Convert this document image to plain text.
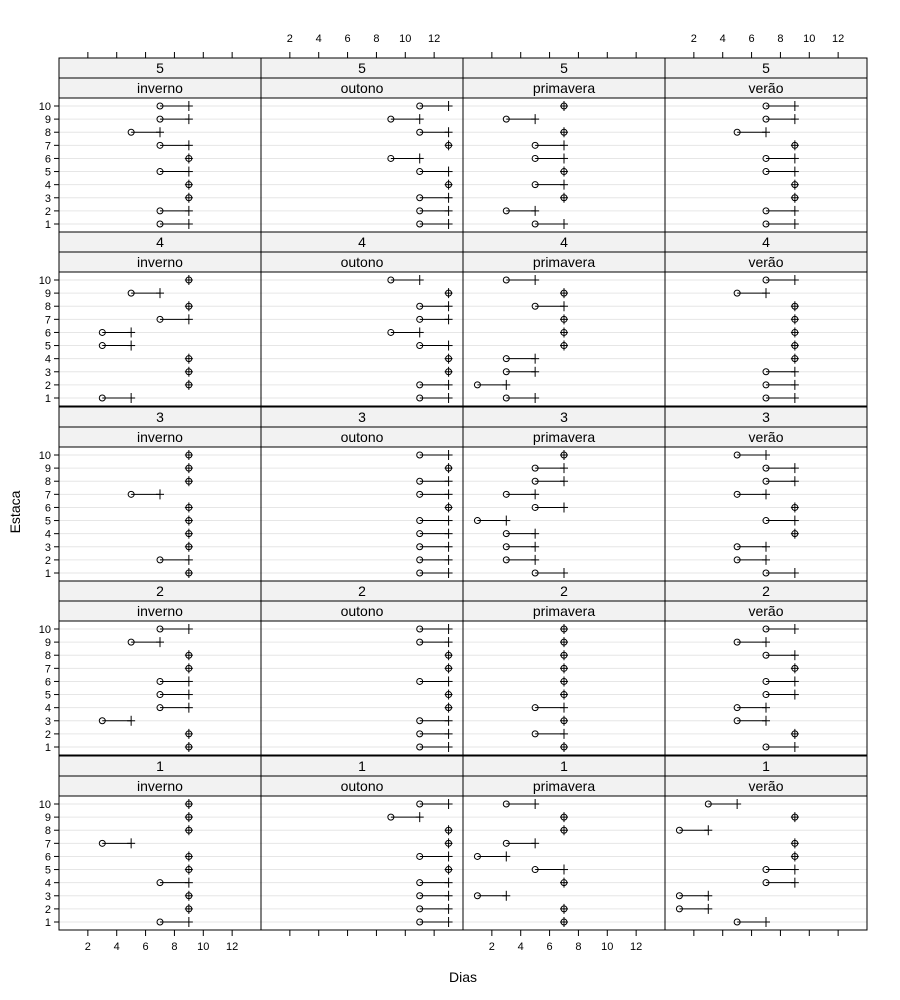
5
inverno
5
outono
5
primavera
5
verão
4
inverno
4
outono
4
primavera
4
verão
3
inverno
3
outono
3
primavera
3
verão
2
inverno
2
outono
2
primavera
2
verão
1
inverno
1
outono
1
primavera
1
verão
1
2
3
4
5
6
7
8
9
10
1
2
3
4
5
6
7
8
9
10
1
2
3
4
5
6
7
8
9
10
1
2
3
4
5
6
7
8
9
10
1
2
3
4
5
6
7
8
9
10
2 4 6 8 10 12
2 4 6 8 10 12
2 4 6 8 10 12
2 4 6 8 10 12
Dias
Estaca
